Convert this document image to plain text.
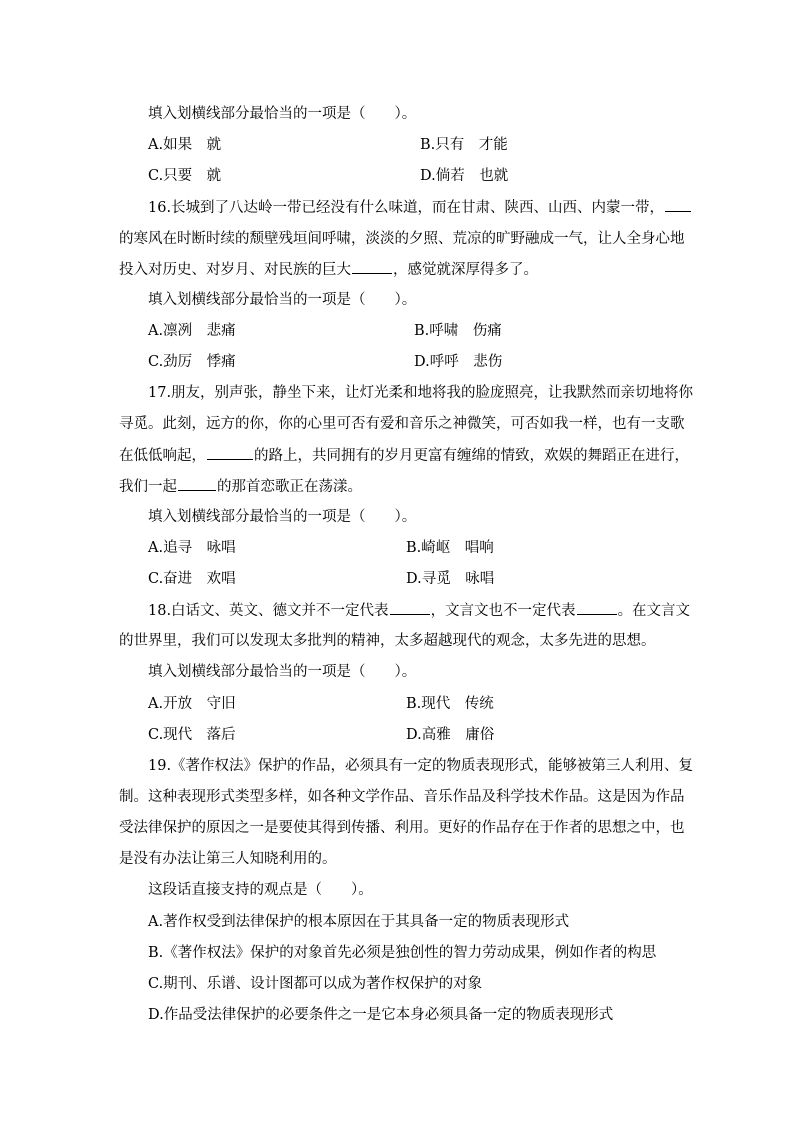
填入划横线部分最恰当的一项是（　　）。
A.如果　就	B.只有　才能
C.只要　就	D.倘若　也就
16.长城到了八达岭一带已经没有什么味道，而在甘肃、陕西、山西、内蒙一带，
的寒风在时断时续的颓壁残垣间呼啸，淡淡的夕照、荒凉的旷野融成一气，让人全身心地
投入对历史、对岁月、对民族的巨大	，感觉就深厚得多了。
填入划横线部分最恰当的一项是（　　）。
A.凛冽　悲痛	B.呼啸　伤痛
C.劲厉　悸痛	D.呼呼　悲伤
17.朋友，别声张，静坐下来，让灯光柔和地将我的脸庞照亮，让我默然而亲切地将你
寻觅。此刻，远方的你，你的心里可否有爱和音乐之神微笑，可否如我一样，也有一支歌
在低低响起，	的路上，共同拥有的岁月更富有缠绵的情致，欢娱的舞蹈正在进行，
我们一起	的那首恋歌正在荡漾。
填入划横线部分最恰当的一项是（　　）。
A.追寻　咏唱	B.崎岖　唱响
C.奋进　欢唱	D.寻觅　咏唱
18.白话文、英文、德文并不一定代表	，文言文也不一定代表	。在文言文
的世界里，我们可以发现太多批判的精神，太多超越现代的观念，太多先进的思想。
填入划横线部分最恰当的一项是（　　）。
A.开放　守旧	B.现代　传统
C.现代　落后	D.高雅　庸俗
19.《著作权法》保护的作品，必须具有一定的物质表现形式，能够被第三人利用、复
制。这种表现形式类型多样，如各种文学作品、音乐作品及科学技术作品。这是因为作品
受法律保护的原因之一是要使其得到传播、利用。更好的作品存在于作者的思想之中，也
是没有办法让第三人知晓利用的。
这段话直接支持的观点是（　　）。
A.著作权受到法律保护的根本原因在于其具备一定的物质表现形式
B.《著作权法》保护的对象首先必须是独创性的智力劳动成果，例如作者的构思
C.期刊、乐谱、设计图都可以成为著作权保护的对象
D.作品受法律保护的必要条件之一是它本身必须具备一定的物质表现形式
